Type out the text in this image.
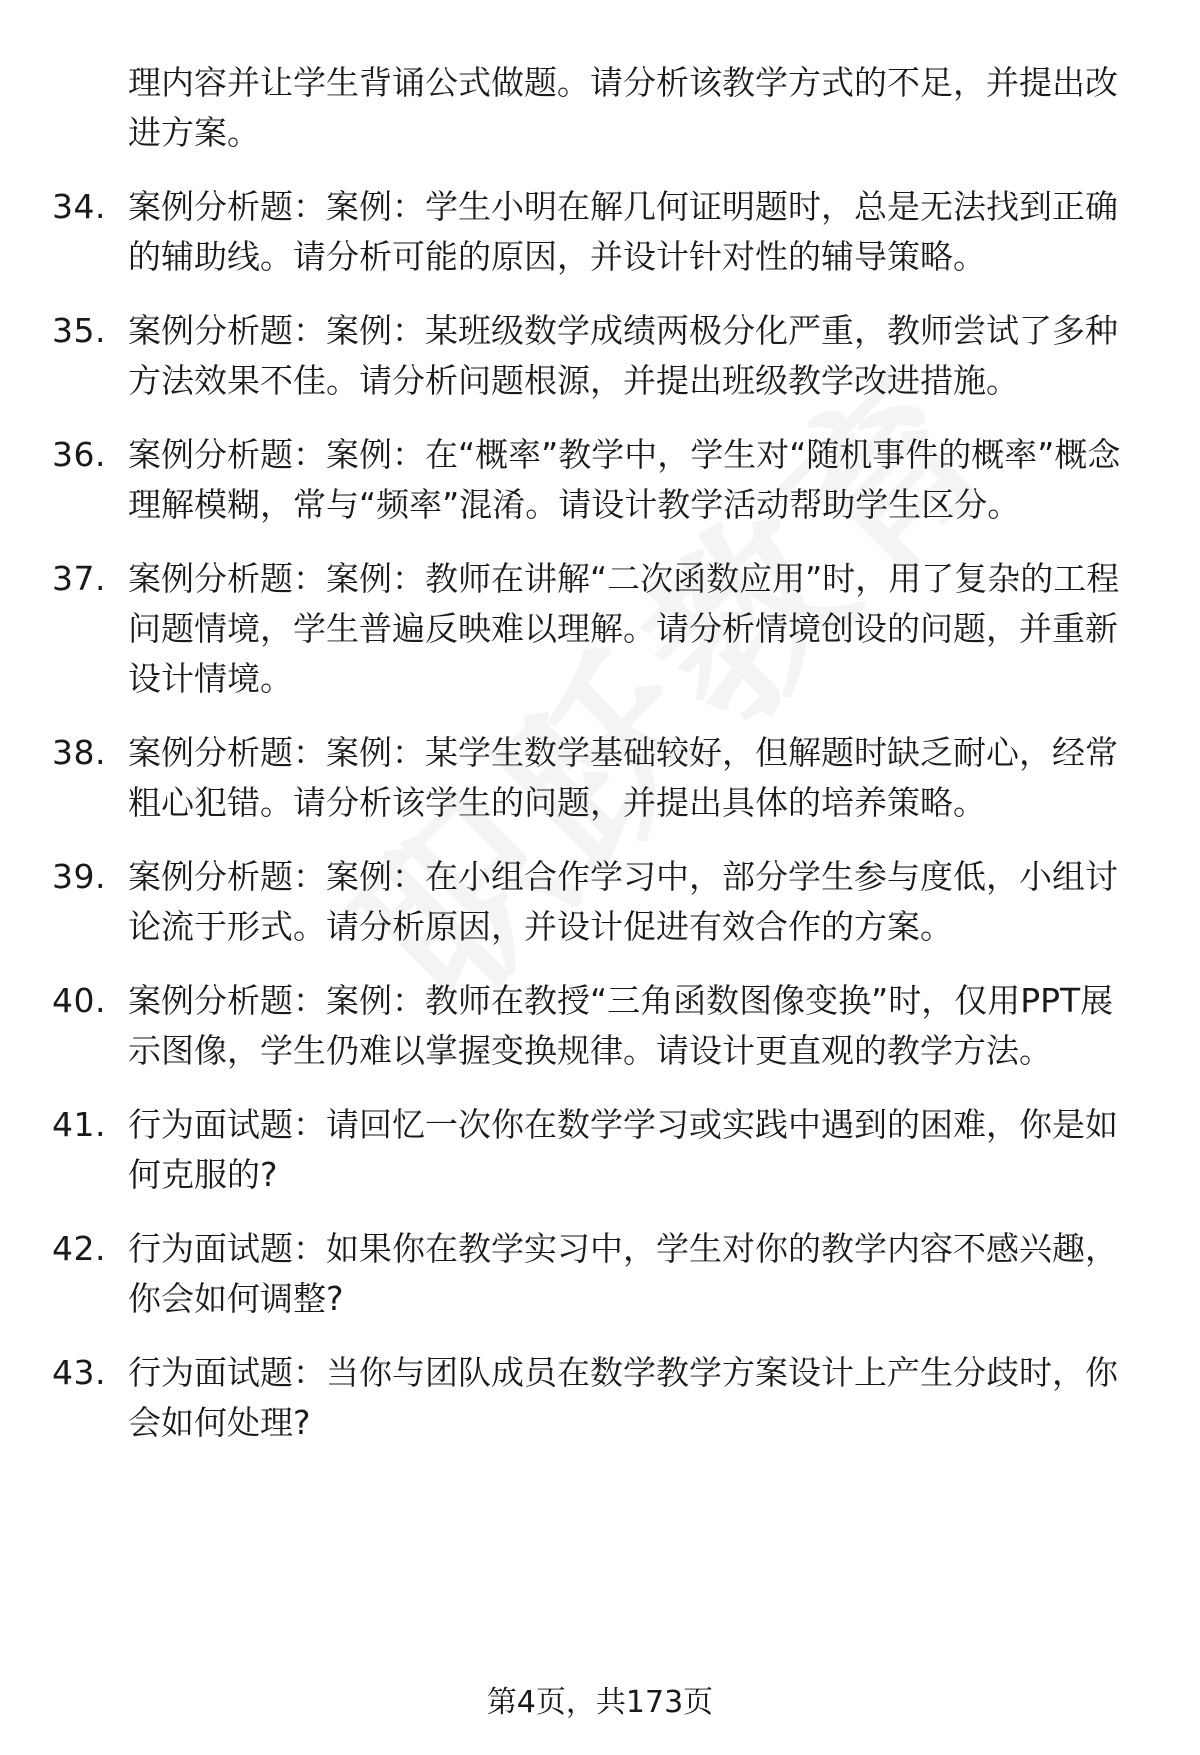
理内容并让学生背诵公式做题。请分析该教学方式的不足，并提出改进方案。
34. 案例分析题：案例：学生小明在解几何证明题时，总是无法找到正确的辅助线。请分析可能的原因，并设计针对性的辅导策略。
35. 案例分析题：案例：某班级数学成绩两极分化严重，教师尝试了多种方法效果不佳。请分析问题根源，并提出班级教学改进措施。
36. 案例分析题：案例：在“概率”教学中，学生对“随机事件的概率”概念理解模糊，常与“频率”混淆。请设计教学活动帮助学生区分。
37. 案例分析题：案例：教师在讲解“二次函数应用”时，用了复杂的工程问题情境，学生普遍反映难以理解。请分析情境创设的问题，并重新设计情境。
38. 案例分析题：案例：某学生数学基础较好，但解题时缺乏耐心，经常粗心犯错。请分析该学生的问题，并提出具体的培养策略。
39. 案例分析题：案例：在小组合作学习中，部分学生参与度低，小组讨论流于形式。请分析原因，并设计促进有效合作的方案。
40. 案例分析题：案例：教师在教授“三角函数图像变换”时，仅用PPT展示图像，学生仍难以掌握变换规律。请设计更直观的教学方法。
41. 行为面试题：请回忆一次你在数学学习或实践中遇到的困难，你是如何克服的?
42. 行为面试题：如果你在教学实习中，学生对你的教学内容不感兴趣，你会如何调整?
43. 行为面试题：当你与团队成员在数学教学方案设计上产生分歧时，你会如何处理?
第4页，共173页
